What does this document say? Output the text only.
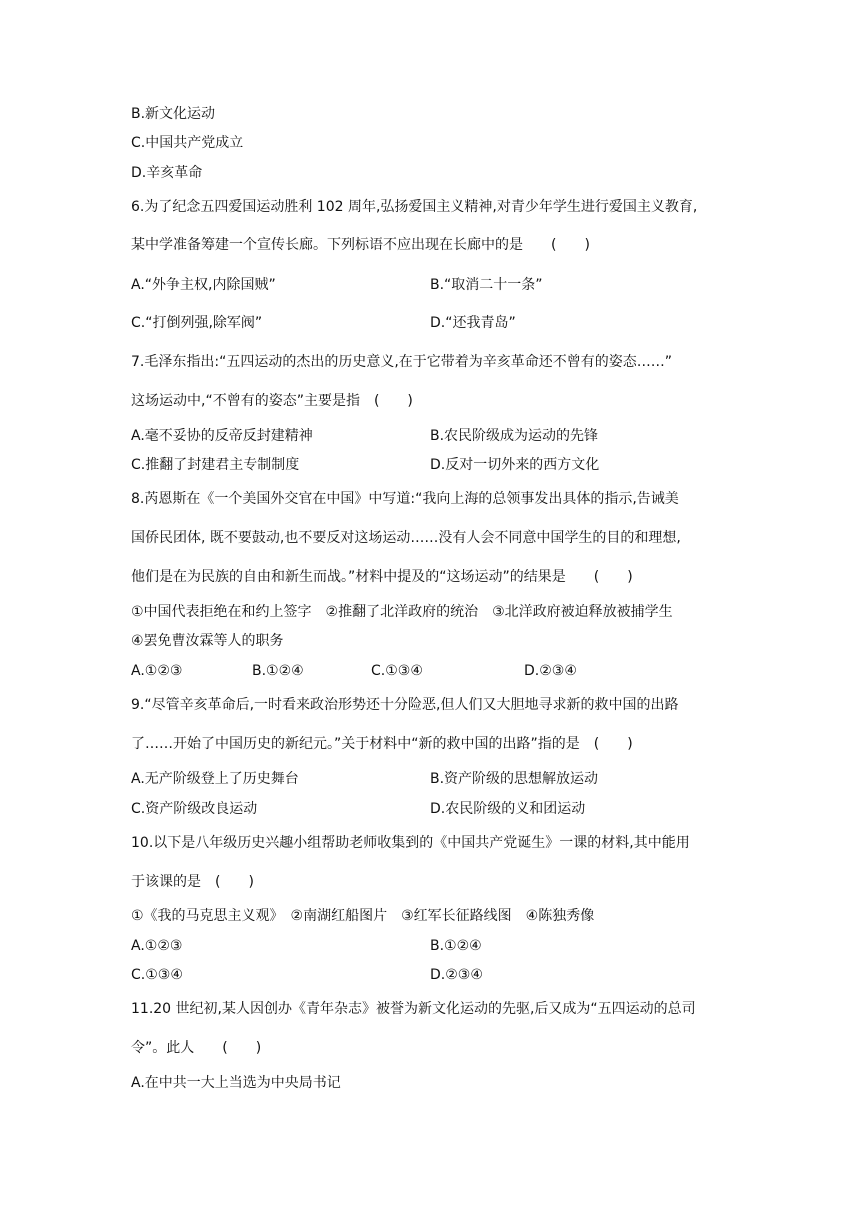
B.新文化运动
C.中国共产党成立
D.辛亥革命
6.为了纪念五四爱国运动胜利 102 周年,弘扬爱国主义精神,对青少年学生进行爱国主义教育,
某中学准备筹建一个宣传长廊。下列标语不应出现在长廊中的是　　(　　)
A.“外争主权,内除国贼”	B.“取消二十一条”
C.“打倒列强,除军阀”	D.“还我青岛”
7.毛泽东指出:“五四运动的杰出的历史意义,在于它带着为辛亥革命还不曾有的姿态……”
这场运动中,“不曾有的姿态”主要是指　(　　)
A.毫不妥协的反帝反封建精神	B.农民阶级成为运动的先锋
C.推翻了封建君主专制制度	D.反对一切外来的西方文化
8.芮恩斯在《一个美国外交官在中国》中写道:“我向上海的总领事发出具体的指示,告诫美
国侨民团体, 既不要鼓动,也不要反对这场运动……没有人会不同意中国学生的目的和理想,
他们是在为民族的自由和新生而战。”材料中提及的“这场运动”的结果是　　(　　)
①中国代表拒绝在和约上签字　②推翻了北洋政府的统治　③北洋政府被迫释放被捕学生
④罢免曹汝霖等人的职务
A.①②③	B.①②④	C.①③④	D.②③④
9.“尽管辛亥革命后,一时看来政治形势还十分险恶,但人们又大胆地寻求新的救中国的出路
了……开始了中国历史的新纪元。”关于材料中“新的救中国的出路”指的是　(　　)
A.无产阶级登上了历史舞台	B.资产阶级的思想解放运动
C.资产阶级改良运动	D.农民阶级的义和团运动
10.以下是八年级历史兴趣小组帮助老师收集到的《中国共产党诞生》一课的材料,其中能用
于该课的是　(　　)
①《我的马克思主义观》　②南湖红船图片　③红军长征路线图　④陈独秀像
A.①②③	B.①②④
C.①③④	D.②③④
11.20 世纪初,某人因创办《青年杂志》被誉为新文化运动的先驱,后又成为“五四运动的总司
令”。此人　　(　　)
A.在中共一大上当选为中央局书记
